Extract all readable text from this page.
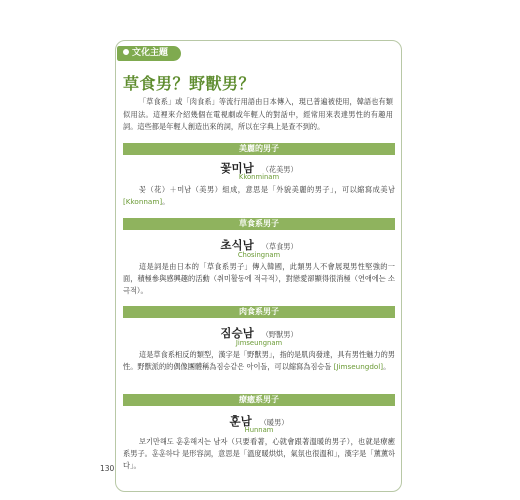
文化主題
草食男？野獸男？

「草食系」或「肉食系」等流行用語由日本傳入，現已普遍被使用，韓語也有類似用法。這裡來介紹幾個在電視劇或年輕人的對話中，經常用來表達男性的有趣用詞。這些都是年輕人創造出來的詞，所以在字典上是查不到的。

美麗的男子
꽃미남 （花美男）
Kkonminam

꽃（花）＋미남（美男）組成，意思是「外貌美麗的男子」，可以縮寫成美남 [Kkonnam]。

草食系男子
초식남 （草食男）
Chosingnam

這是詞是由日本的「草食系男子」傳入韓國，此類男人不會展現男性堅強的一面，積極參與感興趣的活動（취미활동에 적극적），對戀愛卻顯得很消極（연애에는 소극적）。

肉食系男子
짐승남 （野獸男）
Jimseungnam

這是草食系相反的類型，漢字是「野獸男」，指的是肌肉發達，具有男性魅力的男性。野獸派的的偶像團體稱為짐승같은 아이돌，可以縮寫為짐승돌 [Jimseungdol]。

療癒系男子
훈남 （暖男）
Hunnam

보기만해도 훈훈해지는 남자（只要看著，心就會跟著溫暖的男子），也就是療癒系男子。훈훈하다 是形容詞，意思是「溫度暖烘烘，氣氛也很溫和」，漢字是「薰薰하다」。

130
